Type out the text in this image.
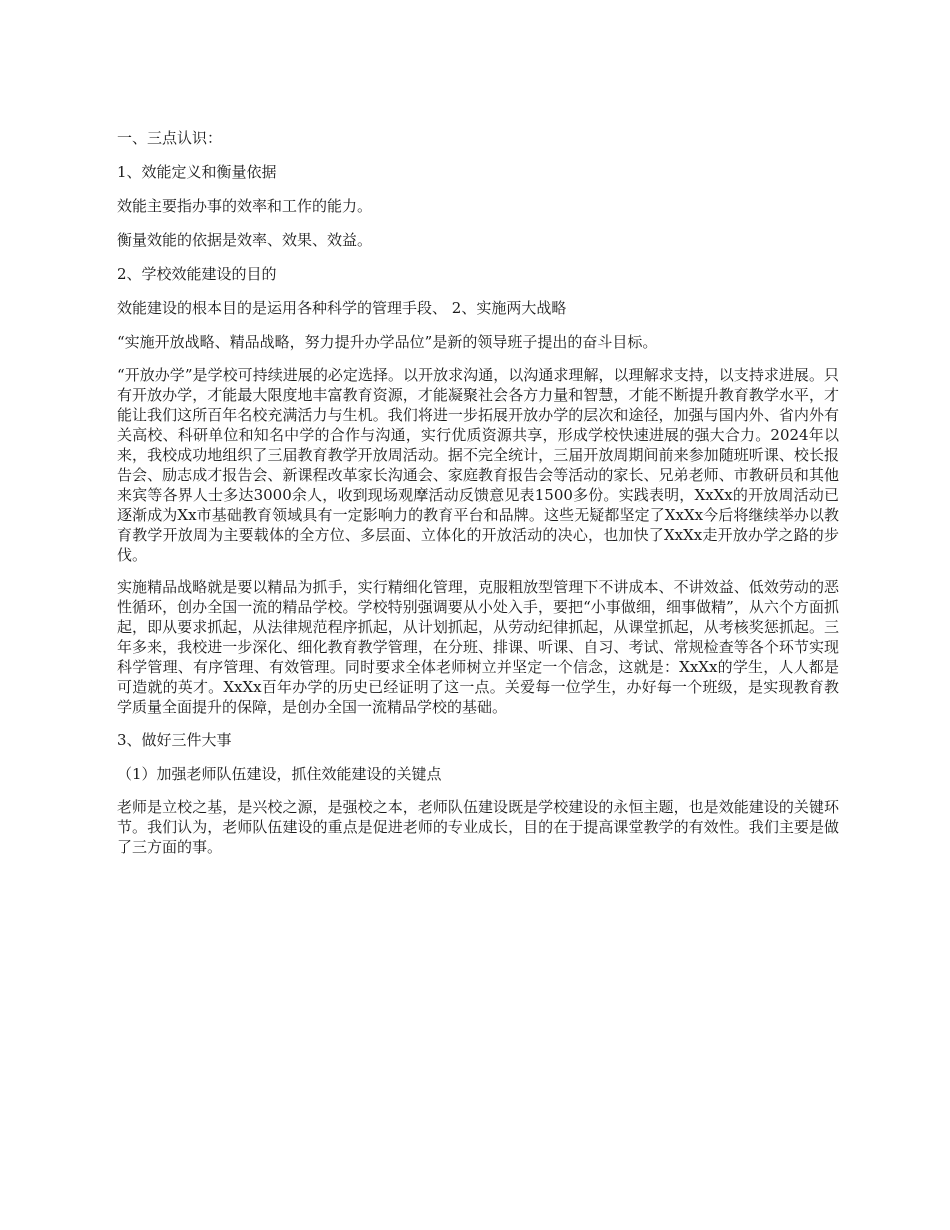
一、三点认识：

1、效能定义和衡量依据

效能主要指办事的效率和工作的能力。

衡量效能的依据是效率、效果、效益。

2、学校效能建设的目的

效能建设的根本目的是运用各种科学的管理手段、 2、实施两大战略

“实施开放战略、精品战略，努力提升办学品位”是新的领导班子提出的奋斗目标。

“开放办学”是学校可持续进展的必定选择。以开放求沟通，以沟通求理解，以理解求支持，以支持求进展。只有开放办学，才能最大限度地丰富教育资源，才能凝聚社会各方力量和智慧，才能不断提升教育教学水平，才能让我们这所百年名校充满活力与生机。我们将进一步拓展开放办学的层次和途径，加强与国内外、省内外有关高校、科研单位和知名中学的合作与沟通，实行优质资源共享，形成学校快速进展的强大合力。2024年以来，我校成功地组织了三届教育教学开放周活动。据不完全统计，三届开放周期间前来参加随班听课、校长报告会、励志成才报告会、新课程改革家长沟通会、家庭教育报告会等活动的家长、兄弟老师、市教研员和其他来宾等各界人士多达3000余人，收到现场观摩活动反馈意见表1500多份。实践表明，XxXx的开放周活动已逐渐成为Xx市基础教育领域具有一定影响力的教育平台和品牌。这些无疑都坚定了XxXx今后将继续举办以教育教学开放周为主要载体的全方位、多层面、立体化的开放活动的决心，也加快了XxXx走开放办学之路的步伐。

实施精品战略就是要以精品为抓手，实行精细化管理，克服粗放型管理下不讲成本、不讲效益、低效劳动的恶性循环，创办全国一流的精品学校。学校特别强调要从小处入手，要把“小事做细，细事做精”，从六个方面抓起，即从要求抓起，从法律规范程序抓起，从计划抓起，从劳动纪律抓起，从课堂抓起，从考核奖惩抓起。三年多来，我校进一步深化、细化教育教学管理，在分班、排课、听课、自习、考试、常规检查等各个环节实现科学管理、有序管理、有效管理。同时要求全体老师树立并坚定一个信念，这就是：XxXx的学生，人人都是可造就的英才。XxXx百年办学的历史已经证明了这一点。关爱每一位学生，办好每一个班级，是实现教育教学质量全面提升的保障，是创办全国一流精品学校的基础。

3、做好三件大事

（1）加强老师队伍建设，抓住效能建设的关键点

老师是立校之基，是兴校之源，是强校之本，老师队伍建设既是学校建设的永恒主题，也是效能建设的关键环节。我们认为，老师队伍建设的重点是促进老师的专业成长，目的在于提高课堂教学的有效性。我们主要是做了三方面的事。
